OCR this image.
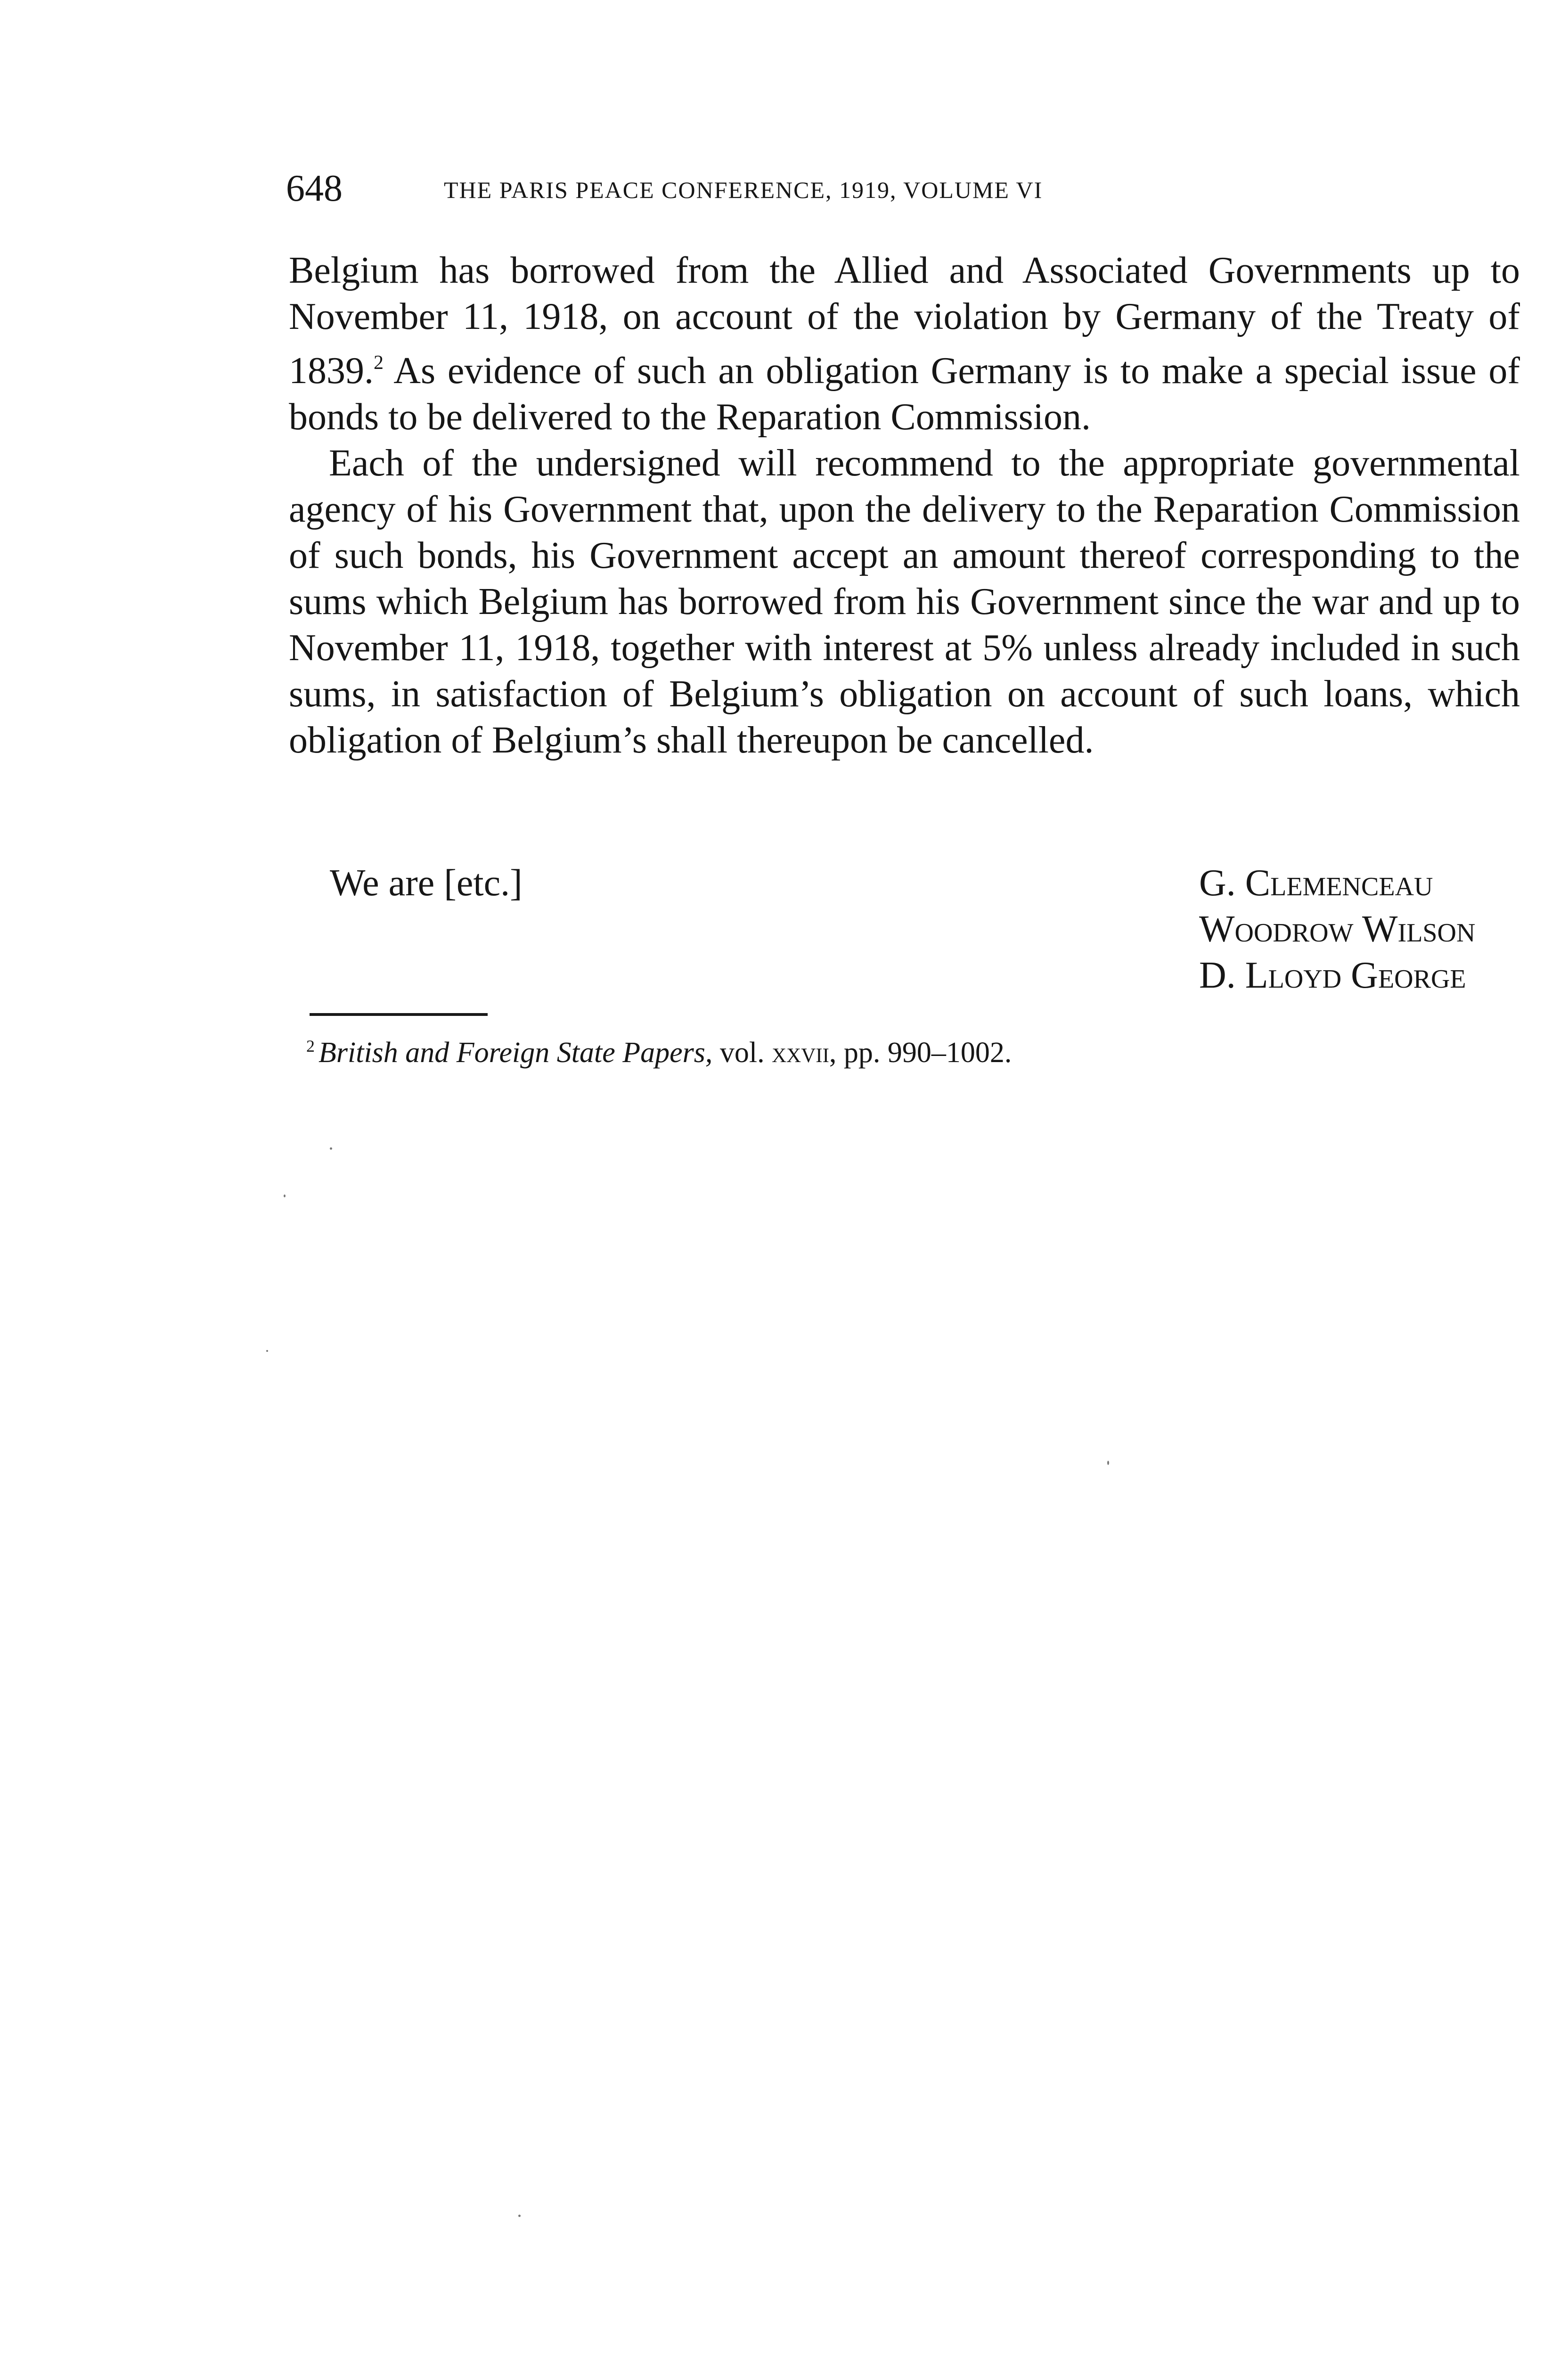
648	THE PARIS PEACE CONFERENCE, 1919, VOLUME VI

Belgium has borrowed from the Allied and Associated Governments up to November 11, 1918, on account of the violation by Germany of the Treaty of 1839.$^2$ As evidence of such an obligation Germany is to make a special issue of bonds to be delivered to the Reparation Commission.

Each of the undersigned will recommend to the appropriate governmental agency of his Government that, upon the delivery to the Reparation Commission of such bonds, his Government accept an amount thereof corresponding to the sums which Belgium has borrowed from his Government since the war and up to November 11, 1918, together with interest at 5% unless already included in such sums, in satisfaction of Belgium’s obligation on account of such loans, which obligation of Belgium’s shall thereupon be cancelled.

We are [etc.]	G. Clemenceau
Woodrow Wilson
D. Lloyd George
$^2$ British and Foreign State Papers, vol. xxvii, pp. 990–1002.
